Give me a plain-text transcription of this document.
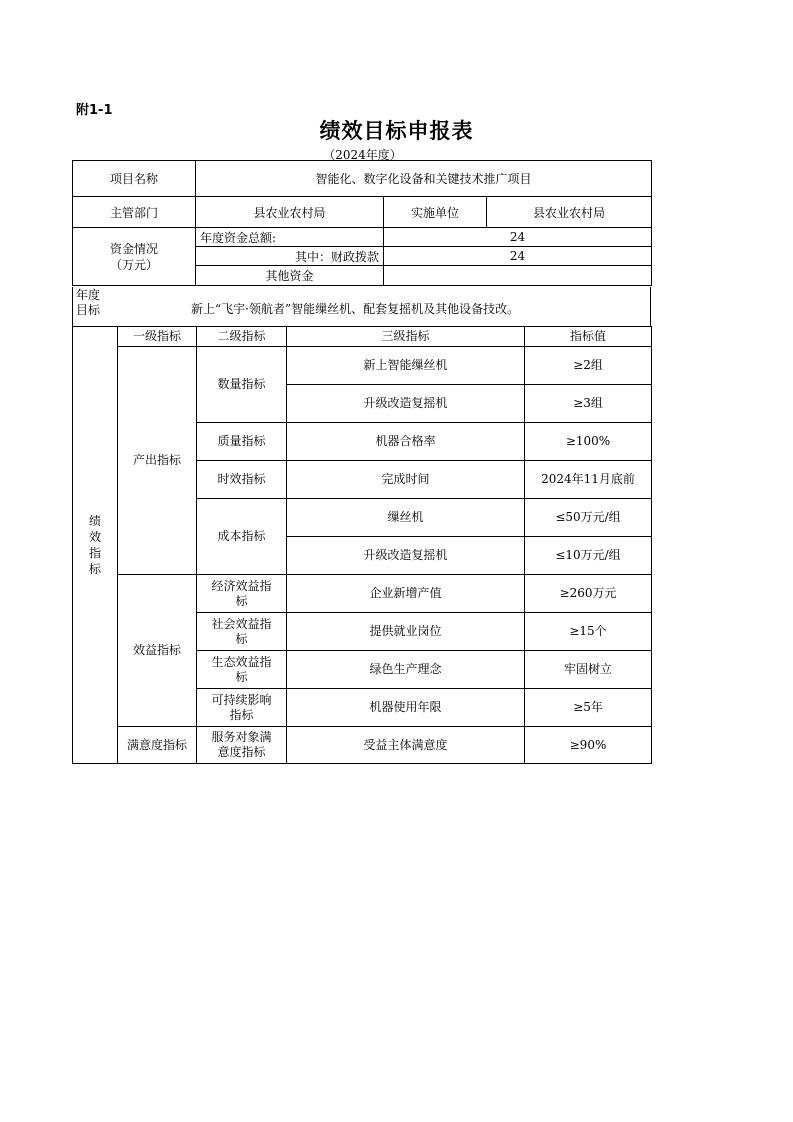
附1-1
绩效目标申报表
（2024年度）
项目名称	智能化、数字化设备和关键技术推广项目		
主管部门	县农业农村局	实施单位	县农业农村局

资金情况
（万元）	年度资金总额:	24	
	其中：财政拨款	24	
	其他资金		
年度
目标	新上“飞宇·领航者”智能缫丝机、配套复摇机及其他设备技改。
绩效指标	一级指标	二级指标	三级指标	指标值
	产出指标	数量指标	新上智能缫丝机	≥2组
			升级改造复摇机	≥3组
		质量指标	机器合格率	≥100%
		时效指标	完成时间	2024年11月底前
		成本指标	缫丝机	≤50万元/组
			升级改造复摇机	≤10万元/组
	效益指标	经济效益指标	企业新增产值	≥260万元

		社会效益指标	提供就业岗位	≥15个

		生态效益指标	绿色生产理念	牢固树立

		可持续影响指标	机器使用年限	≥5年
	满意度指标	服务对象满意度指标	受益主体满意度	≥90%
